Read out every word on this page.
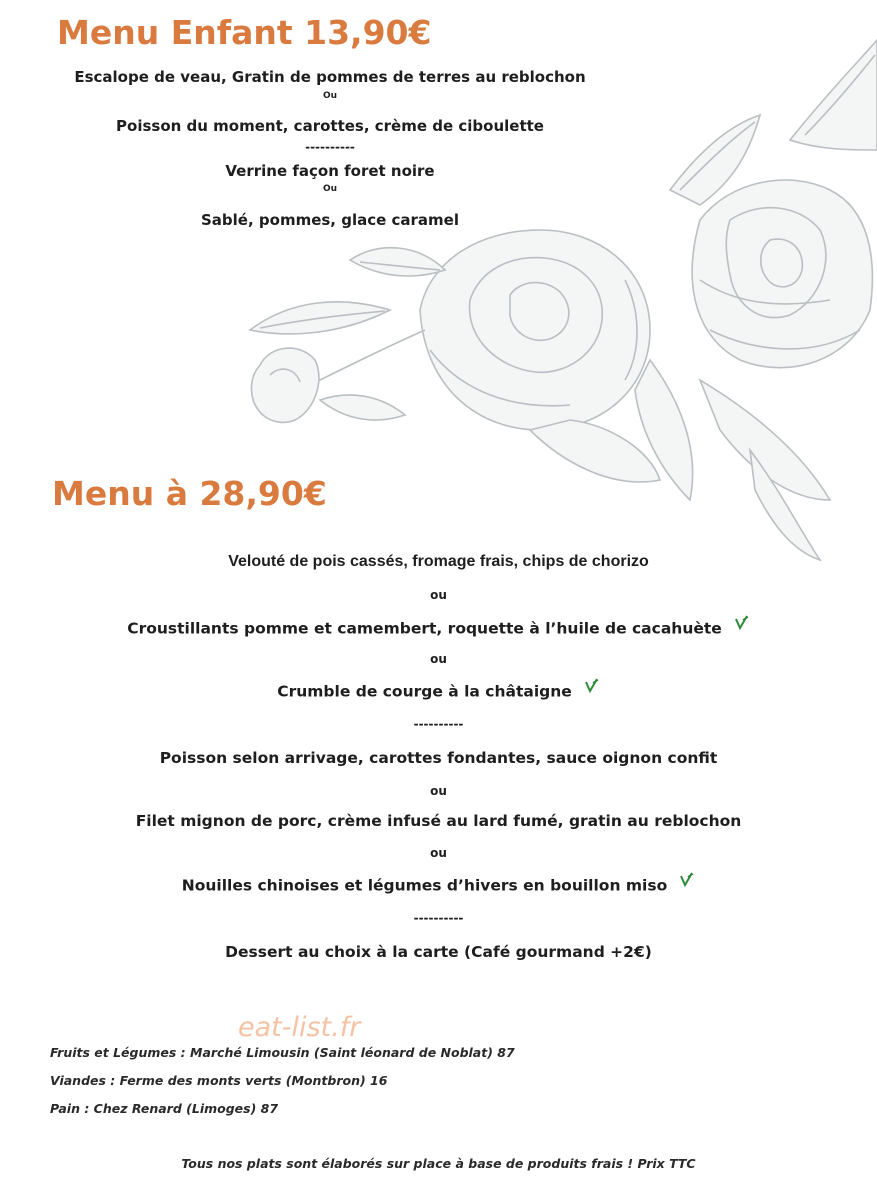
Menu Enfant 13,90€
Escalope de veau, Gratin de pommes de terres au reblochon
Ou
Poisson du moment, carottes, crème de ciboulette
----------
Verrine façon foret noire
Ou
Sablé, pommes, glace caramel
Menu à 28,90€
Velouté de pois cassés, fromage frais, chips de chorizo
ou
Croustillants pomme et camembert, roquette à l’huile de cacahuète
ou
Crumble de courge à la châtaigne
----------
Poisson selon arrivage, carottes fondantes, sauce oignon confit
ou
Filet mignon de porc, crème infusé au lard fumé, gratin au reblochon
ou
Nouilles chinoises et légumes d’hivers en bouillon miso
----------
Dessert au choix à la carte (Café gourmand +2€)
eat-list.fr
Fruits et Légumes : Marché Limousin (Saint léonard de Noblat) 87
Viandes : Ferme des monts verts (Montbron) 16
Pain : Chez Renard (Limoges) 87
Tous nos plats sont élaborés sur place à base de produits frais ! Prix TTC
